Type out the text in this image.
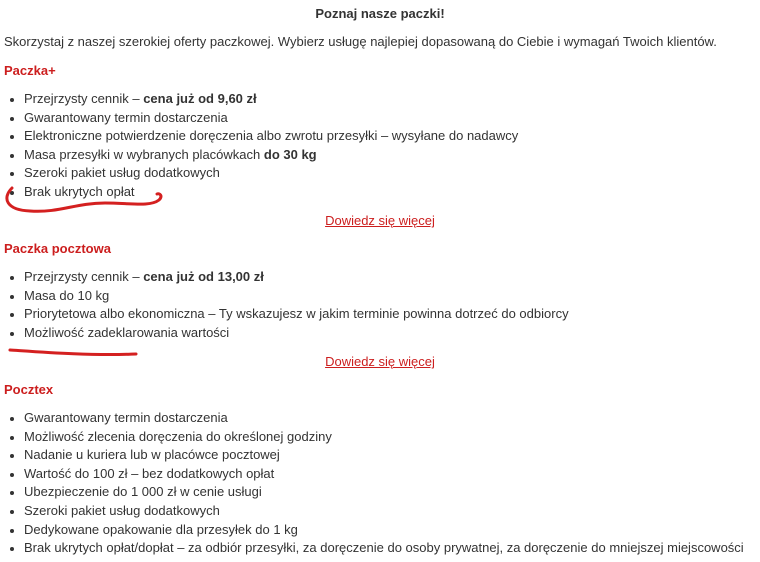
Poznaj nasze paczki!
Skorzystaj z naszej szerokiej oferty paczkowej. Wybierz usługę najlepiej dopasowaną do Ciebie i wymagań Twoich klientów.
Paczka+
Przejrzysty cennik – cena już od 9,60 zł
Gwarantowany termin dostarczenia
Elektroniczne potwierdzenie doręczenia albo zwrotu przesyłki – wysyłane do nadawcy
Masa przesyłki w wybranych placówkach do 30 kg
Szeroki pakiet usług dodatkowych
Brak ukrytych opłat
Dowiedz się więcej
Paczka pocztowa
Przejrzysty cennik – cena już od 13,00 zł
Masa do 10 kg
Priorytetowa albo ekonomiczna – Ty wskazujesz w jakim terminie powinna dotrzeć do odbiorcy
Możliwość zadeklarowania wartości
Dowiedz się więcej
Pocztex
Gwarantowany termin dostarczenia
Możliwość zlecenia doręczenia do określonej godziny
Nadanie u kuriera lub w placówce pocztowej
Wartość do 100 zł – bez dodatkowych opłat
Ubezpieczenie do 1 000 zł w cenie usługi
Szeroki pakiet usług dodatkowych
Dedykowane opakowanie dla przesyłek do 1 kg
Brak ukrytych opłat/dopłat – za odbiór przesyłki, za doręczenie do osoby prywatnej, za doręczenie do mniejszej miejscowości
